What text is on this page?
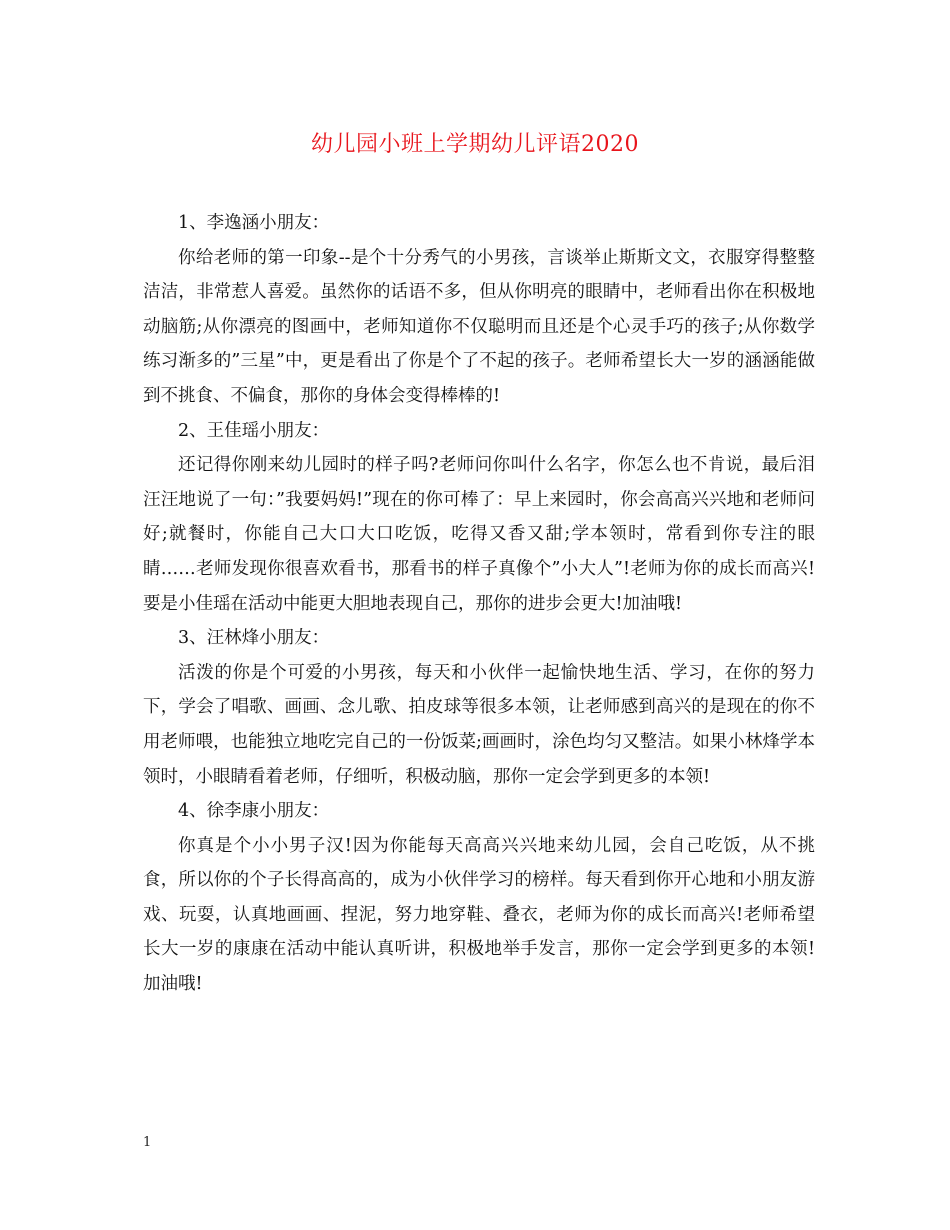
幼儿园小班上学期幼儿评语2020

1、李逸涵小朋友：

你给老师的第一印象--是个十分秀气的小男孩，言谈举止斯斯文文，衣服穿得整整洁洁，非常惹人喜爱。虽然你的话语不多，但从你明亮的眼睛中，老师看出你在积极地动脑筋;从你漂亮的图画中，老师知道你不仅聪明而且还是个心灵手巧的孩子;从你数学练习渐多的”三星”中，更是看出了你是个了不起的孩子。老师希望长大一岁的涵涵能做到不挑食、不偏食，那你的身体会变得棒棒的!

2、王佳瑶小朋友：

还记得你刚来幼儿园时的样子吗?老师问你叫什么名字，你怎么也不肯说，最后泪汪汪地说了一句：”我要妈妈!”现在的你可棒了：早上来园时，你会高高兴兴地和老师问好;就餐时，你能自己大口大口吃饭，吃得又香又甜;学本领时，常看到你专注的眼睛……老师发现你很喜欢看书，那看书的样子真像个”小大人”!老师为你的成长而高兴!要是小佳瑶在活动中能更大胆地表现自己，那你的进步会更大!加油哦!

3、汪林烽小朋友：

活泼的你是个可爱的小男孩，每天和小伙伴一起愉快地生活、学习，在你的努力下，学会了唱歌、画画、念儿歌、拍皮球等很多本领，让老师感到高兴的是现在的你不用老师喂，也能独立地吃完自己的一份饭菜;画画时，涂色均匀又整洁。如果小林烽学本领时，小眼睛看着老师，仔细听，积极动脑，那你一定会学到更多的本领!

4、徐李康小朋友：

你真是个小小男子汉!因为你能每天高高兴兴地来幼儿园，会自己吃饭，从不挑食，所以你的个子长得高高的，成为小伙伴学习的榜样。每天看到你开心地和小朋友游戏、玩耍，认真地画画、捏泥，努力地穿鞋、叠衣，老师为你的成长而高兴!老师希望长大一岁的康康在活动中能认真听讲，积极地举手发言，那你一定会学到更多的本领!加油哦!

1
